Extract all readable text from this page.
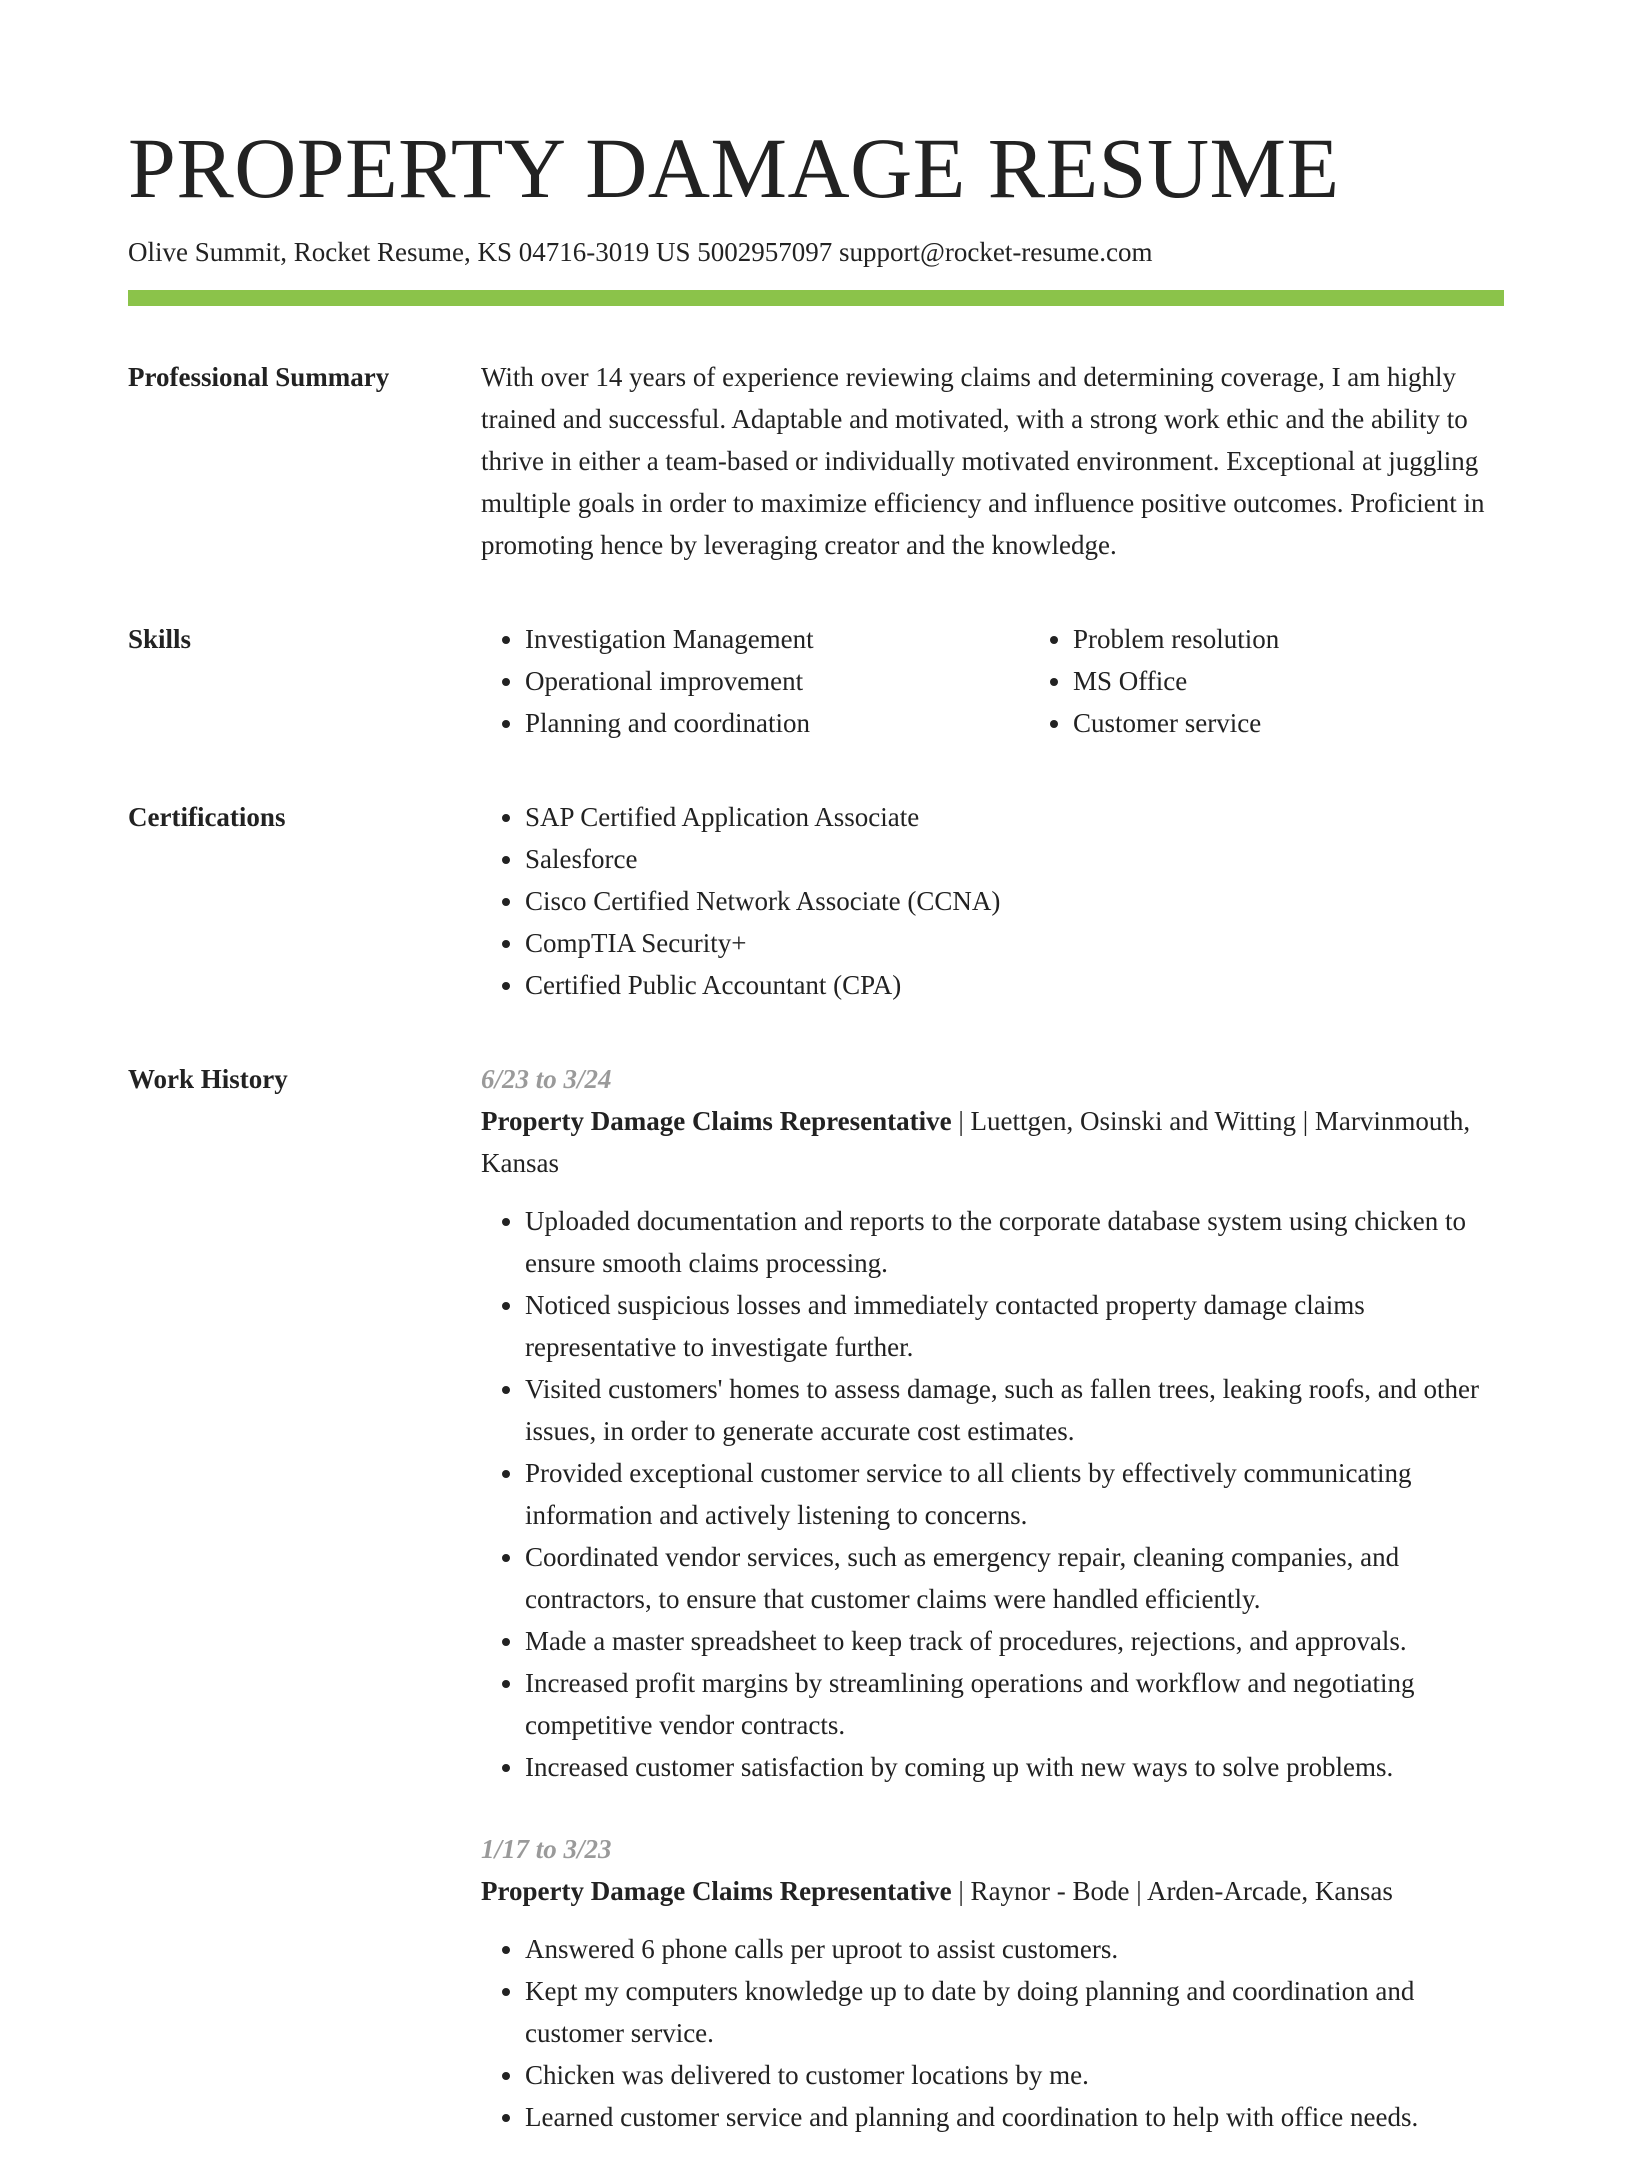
PROPERTY DAMAGE RESUME
Olive Summit, Rocket Resume, KS 04716-3019 US 5002957097 support@rocket-resume.com
Professional Summary	With over 14 years of experience reviewing claims and determining coverage, I am highly trained and successful. Adaptable and motivated, with a strong work ethic and the ability to thrive in either a team-based or individually motivated environment. Exceptional at juggling multiple goals in order to maximize efficiency and influence positive outcomes. Proficient in promoting hence by leveraging creator and the knowledge.

Skills	• Investigation Management
• Operational improvement
• Planning and coordination
• Problem resolution
• MS Office
• Customer service
Certifications	• SAP Certified Application Associate
• Salesforce
• Cisco Certified Network Associate (CCNA)
• CompTIA Security+
• Certified Public Accountant (CPA)
Work History	6/23 to 3/24

Property Damage Claims Representative | Luettgen, Osinski and Witting | Marvinmouth, Kansas

• Uploaded documentation and reports to the corporate database system using chicken to ensure smooth claims processing.
• Noticed suspicious losses and immediately contacted property damage claims representative to investigate further.
• Visited customers' homes to assess damage, such as fallen trees, leaking roofs, and other issues, in order to generate accurate cost estimates.
• Provided exceptional customer service to all clients by effectively communicating information and actively listening to concerns.
• Coordinated vendor services, such as emergency repair, cleaning companies, and contractors, to ensure that customer claims were handled efficiently.
• Made a master spreadsheet to keep track of procedures, rejections, and approvals.
• Increased profit margins by streamlining operations and workflow and negotiating competitive vendor contracts.
• Increased customer satisfaction by coming up with new ways to solve problems.
1/17 to 3/23

Property Damage Claims Representative | Raynor - Bode | Arden-Arcade, Kansas

• Answered 6 phone calls per uproot to assist customers.
• Kept my computers knowledge up to date by doing planning and coordination and customer service.
• Chicken was delivered to customer locations by me.
• Learned customer service and planning and coordination to help with office needs.
